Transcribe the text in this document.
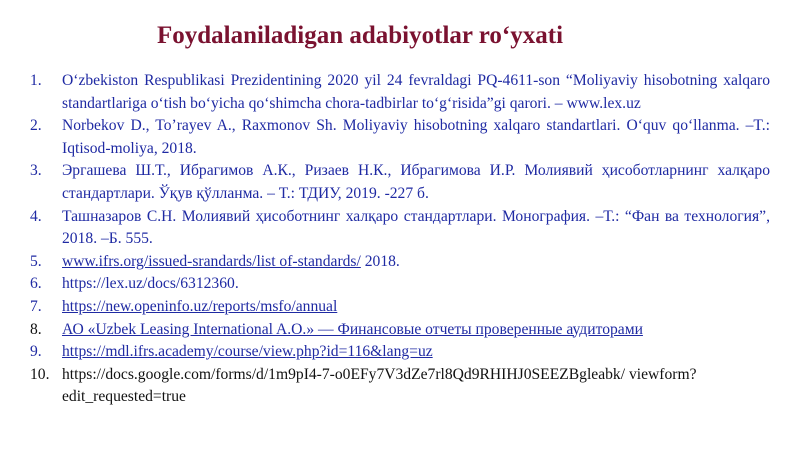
Foydalaniladigan adabiyotlar ro‘yxati
1.	O‘zbekiston Respublikasi Prezidentining 2020 yil 24 fevraldagi PQ-4611-son “Moliyaviy hisobotning xalqaro standartlariga o‘tish bo‘yicha qo‘shimcha chora-tadbirlar to‘g‘risida”gi qarori. – www.lex.uz
2.	Norbekov D., To’rayev A., Raxmonov Sh. Moliyaviy hisobotning xalqaro standartlari. O‘quv qo‘llanma. –T.: Iqtisod-moliya, 2018.
3.	Эргашева Ш.Т., Ибрагимов А.К., Ризаев Н.К., Ибрагимова И.Р. Молиявий ҳисоботларнинг халқаро стандартлари. Ўқув қўлланма. – Т.: ТДИУ, 2019. -227 б.
4.	Ташназаров С.Н. Молиявий ҳисоботнинг халқаро стандартлари. Монография. –Т.: “Фан ва технология”, 2018. –Б. 555.
5.	www.ifrs.org/issued-srandards/list of-standards/ 2018.
6.	https://lex.uz/docs/6312360.
7.	https://new.openinfo.uz/reports/msfo/annual
8.	АО «Uzbek Leasing International A.O.» — Финансовые отчеты проверенные аудиторами
9.	https://mdl.ifrs.academy/course/view.php?id=116&lang=uz
10. https://docs.google.com/forms/d/1m9pI4-7-o0EFy7V3dZe7rl8Qd9RHIHJ0SEEZBgleabk/ viewform?edit_requested=true
